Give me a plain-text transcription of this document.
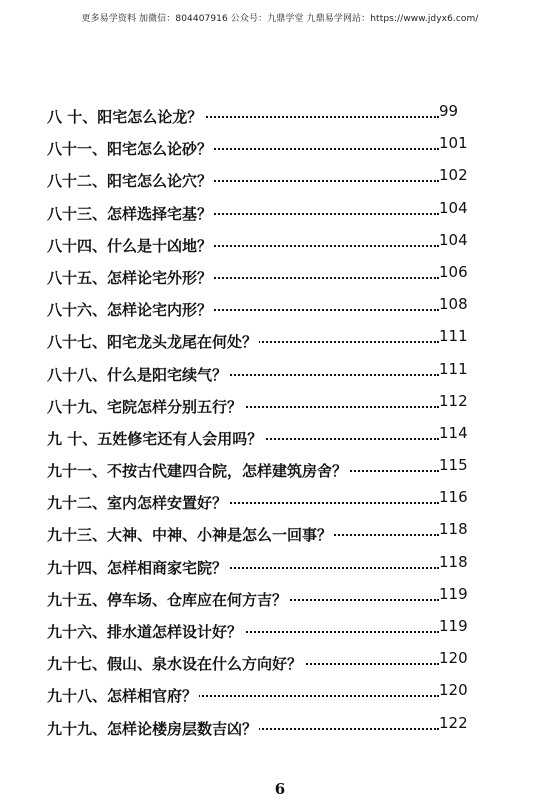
更多易学资料 加微信：804407916 公众号：九鼎学堂 九鼎易学网站：https://www.jdyx6.com/
八 十、阳宅怎么论龙？	99
八十一、阳宅怎么论砂？	101
八十二、阳宅怎么论穴？	102
八十三、怎样选择宅基？	104
八十四、什么是十凶地？	104
八十五、怎样论宅外形？	106
八十六、怎样论宅内形？	108
八十七、阳宅龙头龙尾在何处？	111
八十八、什么是阳宅续气？	111
八十九、宅院怎样分别五行？	112
九 十、五姓修宅还有人会用吗？	114
九十一、不按古代建四合院，怎样建筑房舍？	115
九十二、室内怎样安置好？	116
九十三、大神、中神、小神是怎么一回事？	118
九十四、怎样相商家宅院？	118
九十五、停车场、仓库应在何方吉？	119
九十六、排水道怎样设计好？	119
九十七、假山、泉水设在什么方向好？	120
九十八、怎样相官府？	120
九十九、怎样论楼房层数吉凶？	122
6
